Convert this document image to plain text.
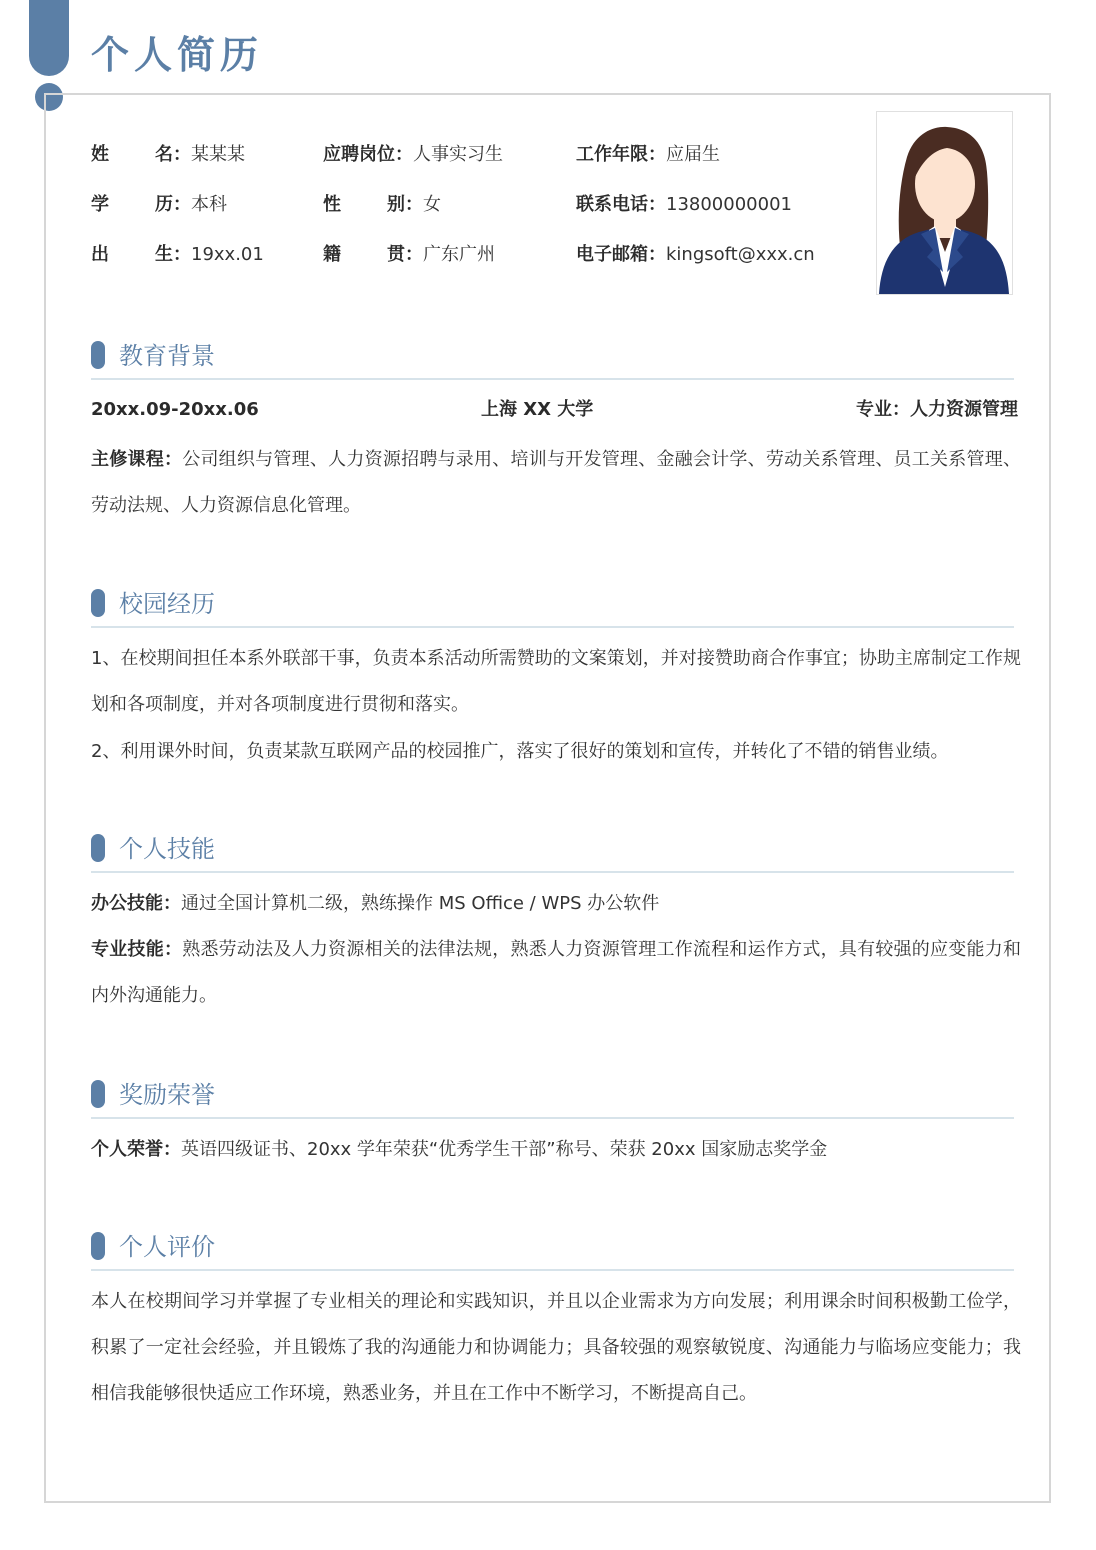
个人简历
姓名：某某某	应聘岗位：人事实习生	工作年限：应届生
学历：本科	性别：女	联系电话：13800000001
出生：19xx.01	籍贯：广东广州	电子邮箱：kingsoft@xxx.cn
教育背景
20xx.09-20xx.06	上海 XX 大学	专业：人力资源管理
主修课程：公司组织与管理、人力资源招聘与录用、培训与开发管理、金融会计学、劳动关系管理、员工关系管理、劳动法规、人力资源信息化管理。
校园经历
1、在校期间担任本系外联部干事，负责本系活动所需赞助的文案策划，并对接赞助商合作事宜；协助主席制定工作规划和各项制度，并对各项制度进行贯彻和落实。
2、利用课外时间，负责某款互联网产品的校园推广，落实了很好的策划和宣传，并转化了不错的销售业绩。
个人技能
办公技能：通过全国计算机二级，熟练操作 MS Office / WPS 办公软件
专业技能：熟悉劳动法及人力资源相关的法律法规，熟悉人力资源管理工作流程和运作方式，具有较强的应变能力和内外沟通能力。
奖励荣誉
个人荣誉：英语四级证书、20xx 学年荣获“优秀学生干部”称号、荣获 20xx 国家励志奖学金
个人评价
本人在校期间学习并掌握了专业相关的理论和实践知识，并且以企业需求为方向发展；利用课余时间积极勤工俭学，积累了一定社会经验，并且锻炼了我的沟通能力和协调能力；具备较强的观察敏锐度、沟通能力与临场应变能力；我相信我能够很快适应工作环境，熟悉业务，并且在工作中不断学习，不断提高自己。
